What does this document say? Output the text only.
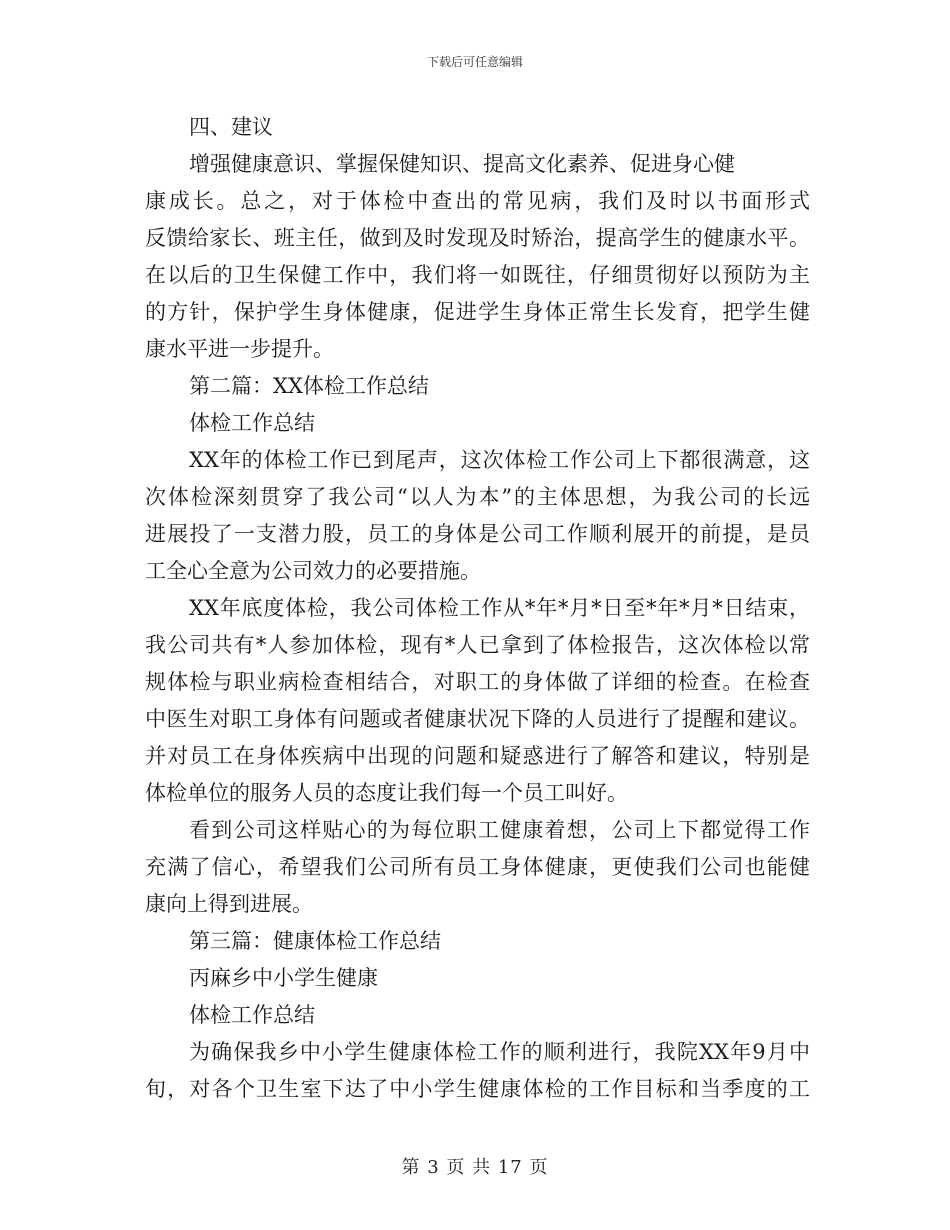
下载后可任意编辑
四、建议
增强健康意识、掌握保健知识、提高文化素养、促进身心健
康成长。总之，对于体检中查出的常见病，我们及时以书面形式
反馈给家长、班主任，做到及时发现及时矫治，提高学生的健康水平。
在以后的卫生保健工作中，我们将一如既往，仔细贯彻好以预防为主
的方针，保护学生身体健康，促进学生身体正常生长发育，把学生健
康水平进一步提升。
第二篇：XX体检工作总结
体检工作总结
XX年的体检工作已到尾声，这次体检工作公司上下都很满意，这
次体检深刻贯穿了我公司“以人为本”的主体思想，为我公司的长远
进展投了一支潜力股，员工的身体是公司工作顺利展开的前提，是员
工全心全意为公司效力的必要措施。
XX年底度体检，我公司体检工作从*年*月*日至*年*月*日结束，
我公司共有*人参加体检，现有*人已拿到了体检报告，这次体检以常
规体检与职业病检查相结合，对职工的身体做了详细的检查。在检查
中医生对职工身体有问题或者健康状况下降的人员进行了提醒和建议。
并对员工在身体疾病中出现的问题和疑惑进行了解答和建议，特别是
体检单位的服务人员的态度让我们每一个员工叫好。
看到公司这样贴心的为每位职工健康着想，公司上下都觉得工作
充满了信心，希望我们公司所有员工身体健康，更使我们公司也能健
康向上得到进展。
第三篇：健康体检工作总结
丙麻乡中小学生健康
体检工作总结
为确保我乡中小学生健康体检工作的顺利进行，我院XX年9月中
旬，对各个卫生室下达了中小学生健康体检的工作目标和当季度的工
第 3 页 共 17 页
